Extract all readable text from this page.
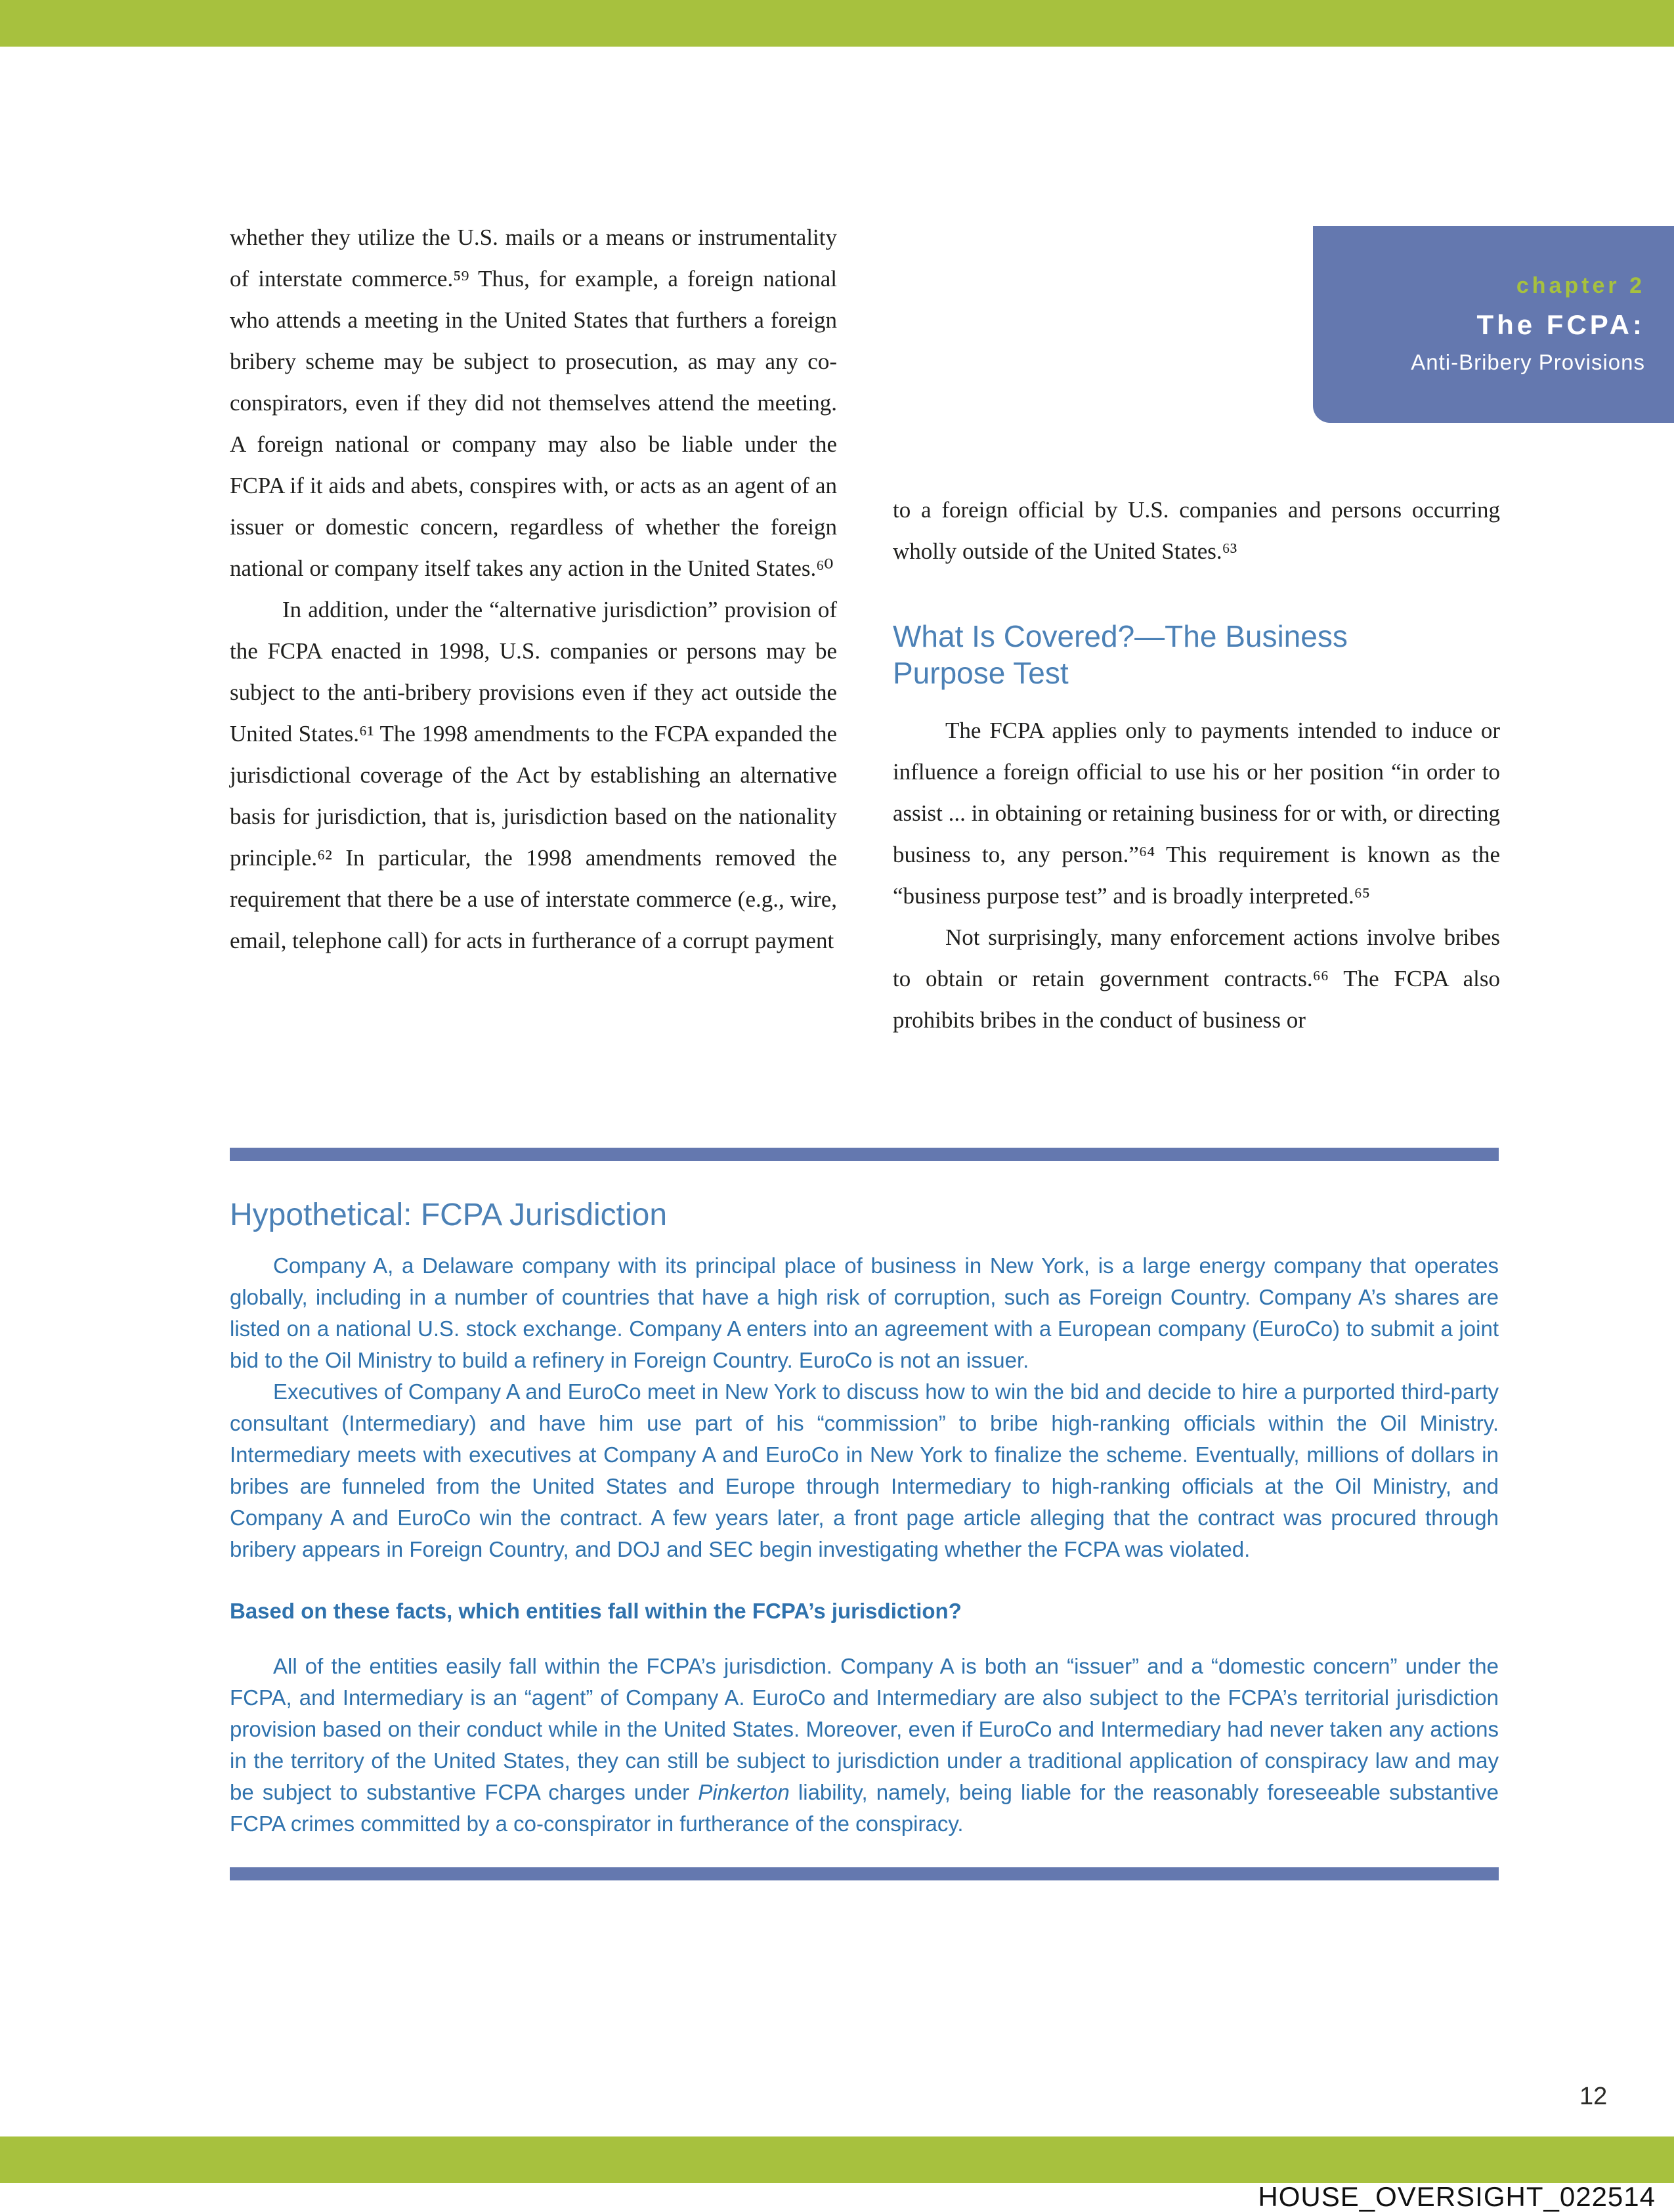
chapter 2
The FCPA:
Anti-Bribery Provisions

whether they utilize the U.S. mails or a means or instrumentality of interstate commerce.⁵⁹ Thus, for example, a foreign national who attends a meeting in the United States that furthers a foreign bribery scheme may be subject to prosecution, as may any co-conspirators, even if they did not themselves attend the meeting. A foreign national or company may also be liable under the FCPA if it aids and abets, conspires with, or acts as an agent of an issuer or domestic concern, regardless of whether the foreign national or company itself takes any action in the United States.⁶⁰

In addition, under the “alternative jurisdiction” provision of the FCPA enacted in 1998, U.S. companies or persons may be subject to the anti-bribery provisions even if they act outside the United States.⁶¹ The 1998 amendments to the FCPA expanded the jurisdictional coverage of the Act by establishing an alternative basis for jurisdiction, that is, jurisdiction based on the nationality principle.⁶² In particular, the 1998 amendments removed the requirement that there be a use of interstate commerce (e.g., wire, email, telephone call) for acts in furtherance of a corrupt payment

to a foreign official by U.S. companies and persons occurring wholly outside of the United States.⁶³

What Is Covered?—The Business Purpose Test

The FCPA applies only to payments intended to induce or influence a foreign official to use his or her position “in order to assist ... in obtaining or retaining business for or with, or directing business to, any person.”⁶⁴ This requirement is known as the “business purpose test” and is broadly interpreted.⁶⁵

Not surprisingly, many enforcement actions involve bribes to obtain or retain government contracts.⁶⁶ The FCPA also prohibits bribes in the conduct of business or

Hypothetical: FCPA Jurisdiction

Company A, a Delaware company with its principal place of business in New York, is a large energy company that operates globally, including in a number of countries that have a high risk of corruption, such as Foreign Country. Company A’s shares are listed on a national U.S. stock exchange. Company A enters into an agreement with a European company (EuroCo) to submit a joint bid to the Oil Ministry to build a refinery in Foreign Country. EuroCo is not an issuer.

Executives of Company A and EuroCo meet in New York to discuss how to win the bid and decide to hire a purported third-party consultant (Intermediary) and have him use part of his “commission” to bribe high-ranking officials within the Oil Ministry. Intermediary meets with executives at Company A and EuroCo in New York to finalize the scheme. Eventually, millions of dollars in bribes are funneled from the United States and Europe through Intermediary to high-ranking officials at the Oil Ministry, and Company A and EuroCo win the contract. A few years later, a front page article alleging that the contract was procured through bribery appears in Foreign Country, and DOJ and SEC begin investigating whether the FCPA was violated.

Based on these facts, which entities fall within the FCPA’s jurisdiction?

All of the entities easily fall within the FCPA’s jurisdiction. Company A is both an “issuer” and a “domestic concern” under the FCPA, and Intermediary is an “agent” of Company A. EuroCo and Intermediary are also subject to the FCPA’s territorial jurisdiction provision based on their conduct while in the United States. Moreover, even if EuroCo and Intermediary had never taken any actions in the territory of the United States, they can still be subject to jurisdiction under a traditional application of conspiracy law and may be subject to substantive FCPA charges under Pinkerton liability, namely, being liable for the reasonably foreseeable substantive FCPA crimes committed by a co-conspirator in furtherance of the conspiracy.

12
HOUSE_OVERSIGHT_022514
